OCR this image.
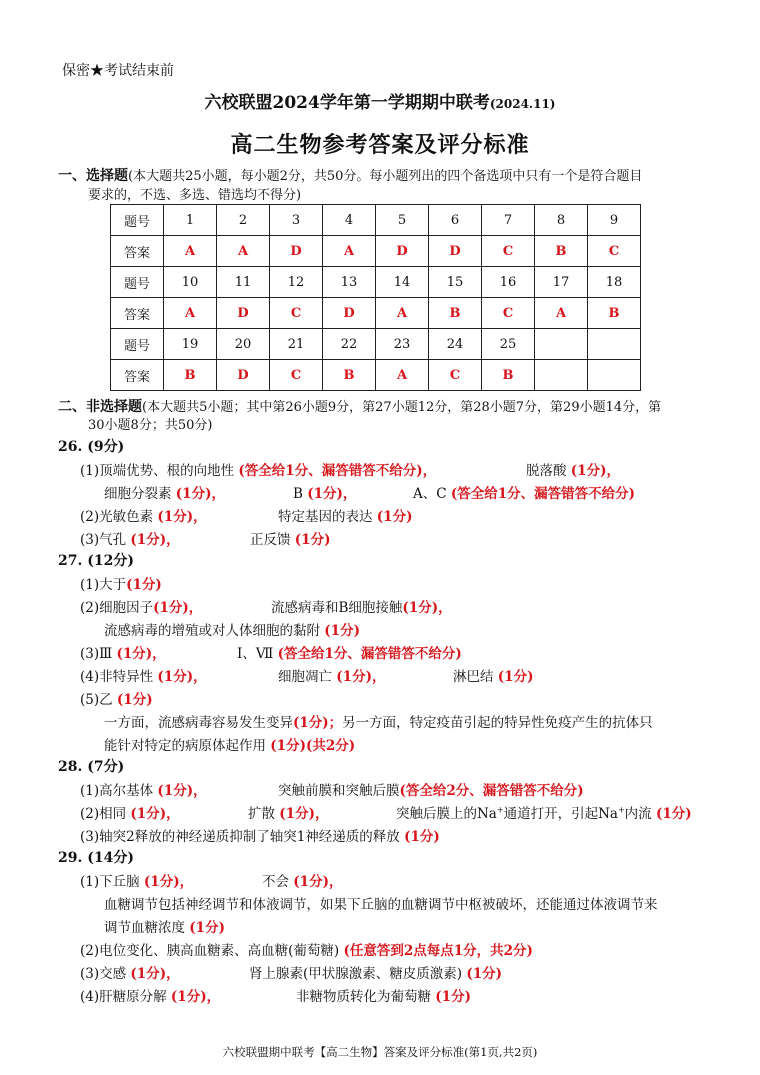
保密★考试结束前
六校联盟2024学年第一学期期中联考(2024.11)
高二生物参考答案及评分标准
一、选择题(本大题共25小题，每小题2分，共50分。每小题列出的四个备选项中只有一个是符合题目
要求的，不选、多选、错选均不得分)
题号	1	2	3	4	5	6	7	8	9
答案	A	A	D	A	D	D	C	B	C
题号	10	11	12	13	14	15	16	17	18
答案	A	D	C	D	A	B	C	A	B
题号	19	20	21	22	23	24	25		
答案	B	D	C	B	A	C	B		
二、非选择题(本大题共5小题；其中第26小题9分，第27小题12分，第28小题7分，第29小题14分，第
30小题8分；共50分)
26. (9分)
(1)顶端优势、根的向地性 (答全给1分、漏答错答不给分)，	脱落酸 (1分)，
细胞分裂素 (1分)，	B (1分)，	A、C (答全给1分、漏答错答不给分)
(2)光敏色素 (1分)，	特定基因的表达 (1分)
(3)气孔 (1分)，	正反馈 (1分)
27. (12分)
(1)大于(1分)
(2)细胞因子(1分)，	流感病毒和B细胞接触(1分)，
流感病毒的增殖或对人体细胞的黏附 (1分)
(3)Ⅲ (1分)，	Ⅰ、Ⅶ (答全给1分、漏答错答不给分)
(4)非特异性 (1分)，	细胞凋亡 (1分)，	淋巴结 (1分)
(5)乙 (1分)
一方面，流感病毒容易发生变异(1分)；另一方面，特定疫苗引起的特异性免疫产生的抗体只
能针对特定的病原体起作用 (1分)(共2分)
28. (7分)
(1)高尔基体 (1分)，	突触前膜和突触后膜(答全给2分、漏答错答不给分)
(2)相同 (1分)，	扩散 (1分)，	突触后膜上的Na+通道打开，引起Na+内流 (1分)
(3)轴突2释放的神经递质抑制了轴突1神经递质的释放 (1分)
29. (14分)
(1)下丘脑 (1分)，	不会 (1分)，
血糖调节包括神经调节和体液调节，如果下丘脑的血糖调节中枢被破坏，还能通过体液调节来
调节血糖浓度 (1分)
(2)电位变化、胰高血糖素、高血糖(葡萄糖) (任意答到2点每点1分，共2分)
(3)交感 (1分)，	肾上腺素(甲状腺激素、糖皮质激素) (1分)
(4)肝糖原分解 (1分)，	非糖物质转化为葡萄糖 (1分)
六校联盟期中联考【高二生物】答案及评分标准(第1页,共2页)
